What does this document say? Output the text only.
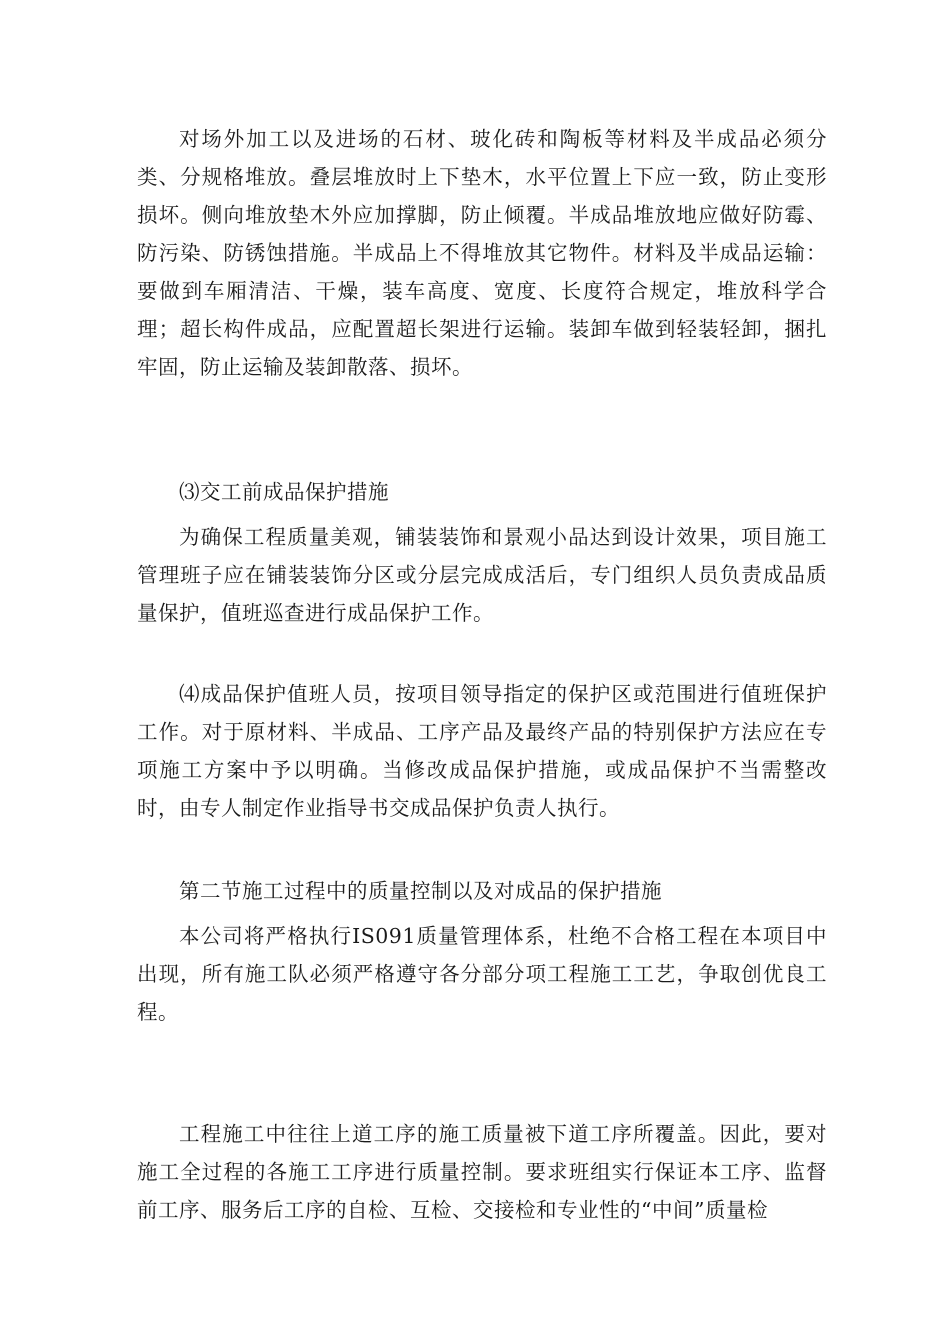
对场外加工以及进场的石材、玻化砖和陶板等材料及半成品必须分类、分规格堆放。叠层堆放时上下垫木，水平位置上下应一致，防止变形损坏。侧向堆放垫木外应加撑脚，防止倾覆。半成品堆放地应做好防霉、防污染、防锈蚀措施。半成品上不得堆放其它物件。材料及半成品运输：要做到车厢清洁、干燥，装车高度、宽度、长度符合规定，堆放科学合理；超长构件成品，应配置超长架进行运输。装卸车做到轻装轻卸，捆扎牢固，防止运输及装卸散落、损坏。

⑶交工前成品保护措施

为确保工程质量美观，铺装装饰和景观小品达到设计效果，项目施工管理班子应在铺装装饰分区或分层完成成活后，专门组织人员负责成品质量保护，值班巡查进行成品保护工作。

⑷成品保护值班人员，按项目领导指定的保护区或范围进行值班保护工作。对于原材料、半成品、工序产品及最终产品的特别保护方法应在专项施工方案中予以明确。当修改成品保护措施，或成品保护不当需整改时，由专人制定作业指导书交成品保护负责人执行。

第二节施工过程中的质量控制以及对成品的保护措施

本公司将严格执行IS091质量管理体系，杜绝不合格工程在本项目中出现，所有施工队必须严格遵守各分部分项工程施工工艺，争取创优良工程。

工程施工中往往上道工序的施工质量被下道工序所覆盖。因此，要对施工全过程的各施工工序进行质量控制。要求班组实行保证本工序、监督前工序、服务后工序的自检、互检、交接检和专业性的“中间”质量检
